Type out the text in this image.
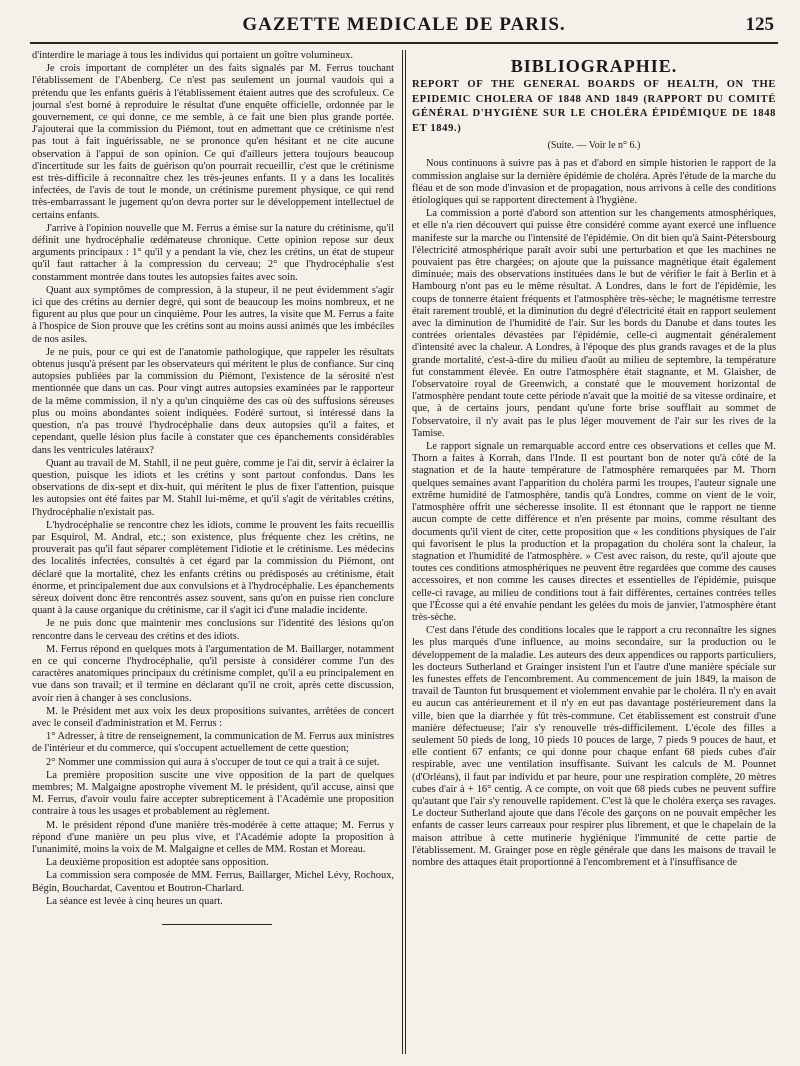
GAZETTE MEDICALE DE PARIS.	125

d'interdire le mariage à tous les individus qui portaient un goître volumineux.

Je crois important de compléter un des faits signalés par M. Ferrus touchant l'établissement de l'Abenberg. Ce n'est pas seulement un journal vaudois qui a prétendu que les enfants guéris à l'établissement étaient autres que des scrofuleux. Ce journal s'est borné à reproduire le résultat d'une enquête officielle, ordonnée par le gouvernement, ce qui donne, ce me semble, à ce fait une bien plus grande portée. J'ajouterai que la commission du Piémont, tout en admettant que ce crétinisme n'est pas tout à fait inguérissable, ne se prononce qu'en hésitant et ne cite aucune observation à l'appui de son opinion. Ce qui d'ailleurs jettera toujours beaucoup d'incertitude sur les faits de guérison qu'on pourrait recueillir, c'est que le crétinisme est très-difficile à reconnaître chez les très-jeunes enfants. Il y a dans les localités infectées, de l'avis de tout le monde, un crétinisme purement physique, ce qui rend très-embarrassant le jugement qu'on devra porter sur le développement intellectuel de certains enfants.

J'arrive à l'opinion nouvelle que M. Ferrus a émise sur la nature du crétinisme, qu'il définit une hydrocéphalie œdémateuse chronique. Cette opinion repose sur deux arguments principaux : 1° qu'il y a pendant la vie, chez les crétins, un état de stupeur qu'il faut rattacher à la compression du cerveau; 2° que l'hydrocéphalie s'est constamment montrée dans toutes les autopsies faites avec soin.

Quant aux symptômes de compression, à la stupeur, il ne peut évidemment s'agir ici que des crétins au dernier degré, qui sont de beaucoup les moins nombreux, et ne figurent au plus que pour un cinquième. Pour les autres, la visite que M. Ferrus a faite à l'hospice de Sion prouve que les crétins sont au moins aussi animés que les imbéciles de nos asiles.

Je ne puis, pour ce qui est de l'anatomie pathologique, que rappeler les résultats obtenus jusqu'à présent par les observateurs qui méritent le plus de confiance. Sur cinq autopsies publiées par la commission du Piémont, l'existence de la sérosité n'est mentionnée que dans un cas. Pour vingt autres autopsies examinées par le rapporteur de la même commission, il n'y a qu'un cinquième des cas où des suffusions séreuses plus ou moins abondantes soient indiquées. Fodéré surtout, si intéressé dans la question, n'a pas trouvé l'hydrocéphalie dans deux autopsies qu'il a faites, et cependant, quelle lésion plus facile à constater que ces épanchements considérables dans les ventricules latéraux?

Quant au travail de M. Stahll, il ne peut guère, comme je l'ai dit, servir à éclairer la question, puisque les idiots et les crétins y sont partout confondus. Dans les observations de dix-sept et dix-huit, qui méritent le plus de fixer l'attention, puisque les autopsies ont été faites par M. Stahll lui-même, et qu'il s'agit de véritables crétins, l'hydrocéphalie n'existait pas.

L'hydrocéphalie se rencontre chez les idiots, comme le prouvent les faits recueillis par Esquirol, M. Andral, etc.; son existence, plus fréquente chez les crétins, ne prouverait pas qu'il faut séparer complètement l'idiotie et le crétinisme. Les médecins des localités infectées, consultés à cet égard par la commission du Piémont, ont déclaré que la mortalité, chez les enfants crétins ou prédisposés au crétinisme, était énorme, et principalement due aux convulsions et à l'hydrocéphalie. Les épanchements séreux doivent donc être rencontrés assez souvent, sans qu'on en puisse rien conclure quant à la cause organique du crétinisme, car il s'agit ici d'une maladie incidente.

Je ne puis donc que maintenir mes conclusions sur l'identité des lésions qu'on rencontre dans le cerveau des crétins et des idiots.

M. Ferrus répond en quelques mots à l'argumentation de M. Baillarger, notamment en ce qui concerne l'hydrocéphalie, qu'il persiste à considérer comme l'un des caractères anatomiques principaux du crétinisme complet, qu'il a eu principalement en vue dans son travail; et il termine en déclarant qu'il ne croit, après cette discussion, avoir rien à changer à ses conclusions.

M. le Président met aux voix les deux propositions suivantes, arrêtées de concert avec le conseil d'administration et M. Ferrus :

1° Adresser, à titre de renseignement, la communication de M. Ferrus aux ministres de l'intérieur et du commerce, qui s'occupent actuellement de cette question;

2° Nommer une commission qui aura à s'occuper de tout ce qui a trait à ce sujet.

La première proposition suscite une vive opposition de la part de quelques membres; M. Malgaigne apostrophe vivement M. le président, qu'il accuse, ainsi que M. Ferrus, d'avoir voulu faire accepter subrepticement à l'Académie une proposition contraire à tous les usages et probablement au règlement.

M. le président répond d'une manière très-modérée à cette attaque; M. Ferrus y répond d'une manière un peu plus vive, et l'Académie adopte la proposition à l'unanimité, moins la voix de M. Malgaigne et celles de MM. Rostan et Moreau.

La deuxième proposition est adoptée sans opposition.

La commission sera composée de MM. Ferrus, Baillarger, Michel Lévy, Rochoux, Bégin, Bouchardat, Caventou et Boutron-Charlard.

La séance est levée à cinq heures un quart.

BIBLIOGRAPHIE.
REPORT OF THE GENERAL BOARDS OF HEALTH, ON THE EPIDEMIC CHOLERA OF 1848 AND 1849 (RAPPORT DU COMITÉ GÉNÉRAL D'HYGIÈNE SUR LE CHOLÉRA ÉPIDÉMIQUE DE 1848 ET 1849.)
(Suite. — Voir le n° 6.)

Nous continuons à suivre pas à pas et d'abord en simple historien le rapport de la commission anglaise sur la dernière épidémie de choléra. Après l'étude de la marche du fléau et de son mode d'invasion et de propagation, nous arrivons à celle des conditions étiologiques qui se rapportent directement à l'hygiène.

La commission a porté d'abord son attention sur les changements atmosphériques, et elle n'a rien découvert qui puisse être considéré comme ayant exercé une influence manifeste sur la marche ou l'intensité de l'épidémie. On dit bien qu'à Saint-Pétersbourg l'électricité atmosphérique paraît avoir subi une perturbation et que les machines ne pouvaient pas être chargées; on ajoute que la puissance magnétique était également diminuée; mais des observations instituées dans le but de vérifier le fait à Berlin et à Hambourg n'ont pas eu le même résultat. A Londres, dans le fort de l'épidémie, les coups de tonnerre étaient fréquents et l'atmosphère très-sèche; le magnétisme terrestre était rarement troublé, et la diminution du degré d'électricité était en rapport seulement avec la diminution de l'humidité de l'air. Sur les bords du Danube et dans toutes les contrées orientales dévastées par l'épidémie, celle-ci augmentait généralement d'intensité avec la chaleur. A Londres, à l'époque des plus grands ravages et de la plus grande mortalité, c'est-à-dire du milieu d'août au milieu de septembre, la température fut constamment élevée. En outre l'atmosphère était stagnante, et M. Glaisher, de l'observatoire royal de Greenwich, a constaté que le mouvement horizontal de l'atmosphère pendant toute cette période n'avait que la moitié de sa vitesse ordinaire, et que, à de certains jours, pendant qu'une forte brise soufflait au sommet de l'observatoire, il n'y avait pas le plus léger mouvement de l'air sur les rives de la Tamise.

Le rapport signale un remarquable accord entre ces observations et celles que M. Thorn a faites à Korrah, dans l'Inde. Il est pourtant bon de noter qu'à côté de la stagnation et de la haute température de l'atmosphère remarquées par M. Thorn quelques semaines avant l'apparition du choléra parmi les troupes, l'auteur signale une extrême humidité de l'atmosphère, tandis qu'à Londres, comme on vient de le voir, l'atmosphère offrit une sécheresse insolite. Il est étonnant que le rapport ne tienne aucun compte de cette différence et n'en présente par moins, comme résultant des documents qu'il vient de citer, cette proposition que « les conditions physiques de l'air qui favorisent le plus la production et la propagation du choléra sont la chaleur, la stagnation et l'humidité de l'atmosphère. » C'est avec raison, du reste, qu'il ajoute que toutes ces conditions atmosphériques ne peuvent être regardées que comme des causes accessoires, et non comme les causes directes et essentielles de l'épidémie, puisque celle-ci ravage, au milieu de conditions tout à fait différentes, certaines contrées telles que l'Écosse qui a été envahie pendant les gelées du mois de janvier, l'atmosphère étant très-sèche.

C'est dans l'étude des conditions locales que le rapport a cru reconnaître les signes les plus marqués d'une influence, au moins secondaire, sur la production ou le développement de la maladie. Les auteurs des deux appendices ou rapports particuliers, les docteurs Sutherland et Grainger insistent l'un et l'autre d'une manière spéciale sur les funestes effets de l'encombrement. Au commencement de juin 1849, la maison de travail de Taunton fut brusquement et violemment envahie par le choléra. Il n'y en avait eu aucun cas antérieurement et il n'y en eut pas davantage postérieurement dans la ville, bien que la diarrhée y fût très-commune. Cet établissement est construit d'une manière défectueuse; l'air s'y renouvelle très-difficilement. L'école des filles a seulement 50 pieds de long, 10 pieds 10 pouces de large, 7 pieds 9 pouces de haut, et elle contient 67 enfants; ce qui donne pour chaque enfant 68 pieds cubes d'air respirable, avec une ventilation insuffisante. Suivant les calculs de M. Pounnet (d'Orléans), il faut par individu et par heure, pour une respiration complète, 20 mètres cubes d'air à + 16° centig. A ce compte, on voit que 68 pieds cubes ne peuvent suffire qu'autant que l'air s'y renouvelle rapidement. C'est là que le choléra exerça ses ravages. Le docteur Sutherland ajoute que dans l'école des garçons on ne pouvait empêcher les enfants de casser leurs carreaux pour respirer plus librement, et que le chapelain de la maison attribue à cette mutinerie hygiénique l'immunité de cette partie de l'établissement. M. Grainger pose en règle générale que dans les maisons de travail le nombre des attaques était proportionné à l'encombrement et à l'insuffisance de
